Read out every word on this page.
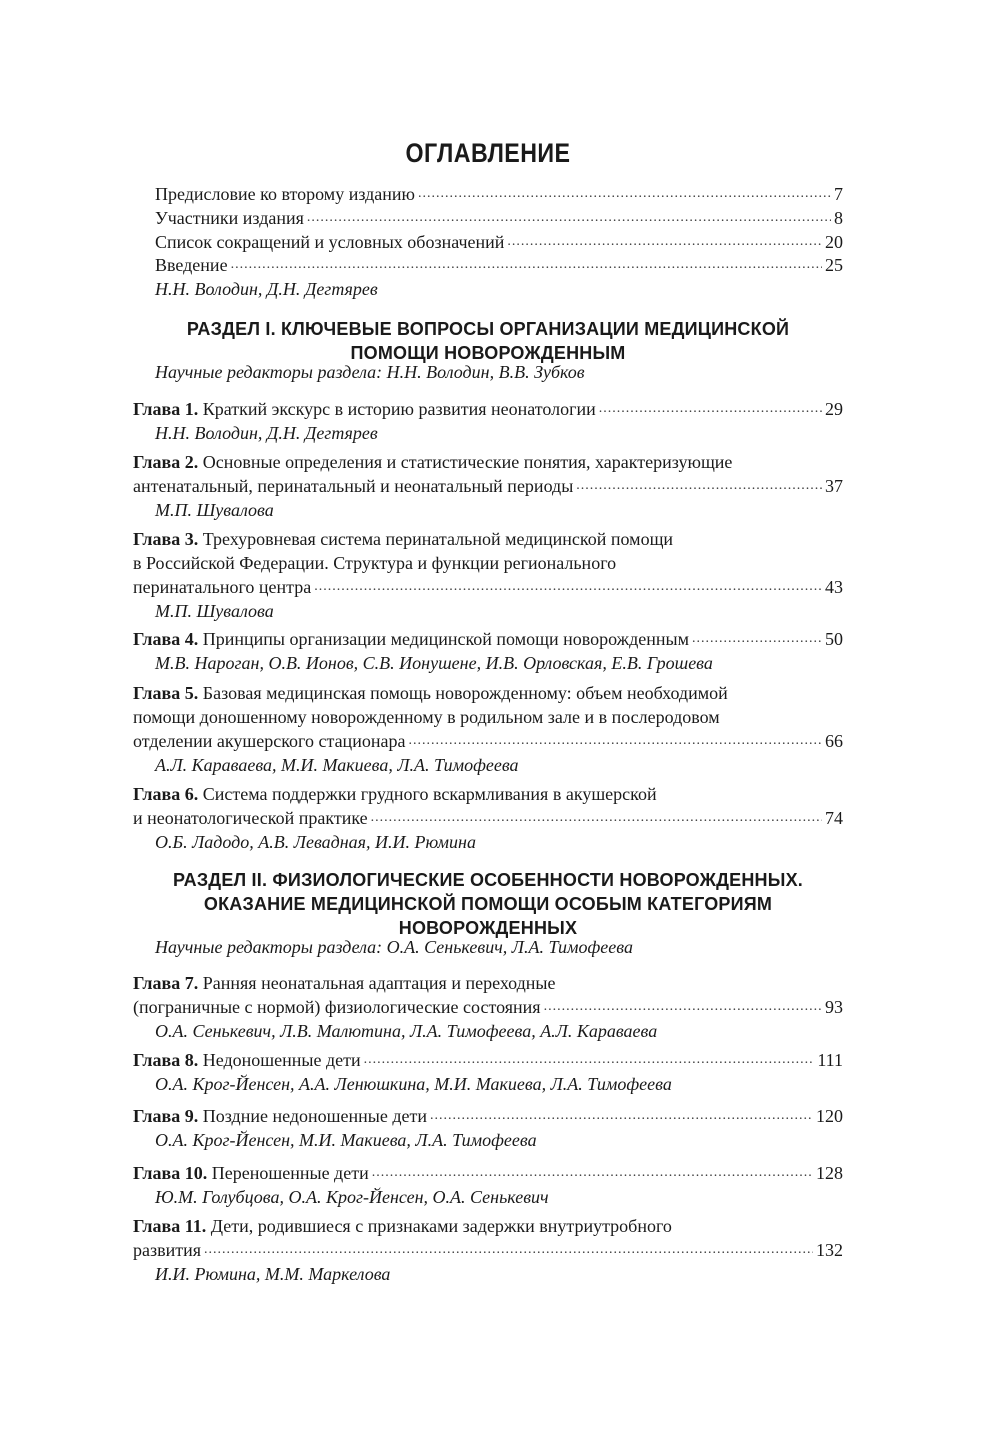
ОГЛАВЛЕНИЕ
Предисловие ко второму изданию .....	7
Участники издания .....	8
Список сокращений и условных обозначений .....	20
Введение .....	25
Н.Н. Володин, Д.Н. Дегтярев
РАЗДЕЛ I. КЛЮЧЕВЫЕ ВОПРОСЫ ОРГАНИЗАЦИИ МЕДИЦИНСКОЙ
ПОМОЩИ НОВОРОЖДЕННЫМ
Научные редакторы раздела: Н.Н. Володин, В.В. Зубков
Глава 1. Краткий экскурс в историю развития неонатологии .....	29
Н.Н. Володин, Д.Н. Дегтярев
Глава 2. Основные определения и статистические понятия, характеризующие
антенатальный, перинатальный и неонатальный периоды .....	37
М.П. Шувалова
Глава 3. Трехуровневая система перинатальной медицинской помощи
в Российской Федерации. Структура и функции регионального
перинатального центра .....	43
М.П. Шувалова
Глава 4. Принципы организации медицинской помощи новорожденным .....	50
М.В. Нароган, О.В. Ионов, С.В. Ионушене, И.В. Орловская, Е.В. Грошева
Глава 5. Базовая медицинская помощь новорожденному: объем необходимой
помощи доношенному новорожденному в родильном зале и в послеродовом
отделении акушерского стационара .....	66
А.Л. Караваева, М.И. Макиева, Л.А. Тимофеева
Глава 6. Система поддержки грудного вскармливания в акушерской
и неонатологической практике .....	74
О.Б. Ладодо, А.В. Левадная, И.И. Рюмина
РАЗДЕЛ II. ФИЗИОЛОГИЧЕСКИЕ ОСОБЕННОСТИ НОВОРОЖДЕННЫХ.
ОКАЗАНИЕ МЕДИЦИНСКОЙ ПОМОЩИ ОСОБЫМ КАТЕГОРИЯМ
НОВОРОЖДЕННЫХ
Научные редакторы раздела: О.А. Сенькевич, Л.А. Тимофеева
Глава 7. Ранняя неонатальная адаптация и переходные
(пограничные с нормой) физиологические состояния .....	93
О.А. Сенькевич, Л.В. Малютина, Л.А. Тимофеева, А.Л. Караваева
Глава 8. Недоношенные дети .....	111
О.А. Крог-Йенсен, А.А. Ленюшкина, М.И. Макиева, Л.А. Тимофеева
Глава 9. Поздние недоношенные дети .....	120
О.А. Крог-Йенсен, М.И. Макиева, Л.А. Тимофеева
Глава 10. Переношенные дети .....	128
Ю.М. Голубцова, О.А. Крог-Йенсен, О.А. Сенькевич
Глава 11. Дети, родившиеся с признаками задержки внутриутробного
развития .....	132
И.И. Рюмина, М.М. Маркелова
